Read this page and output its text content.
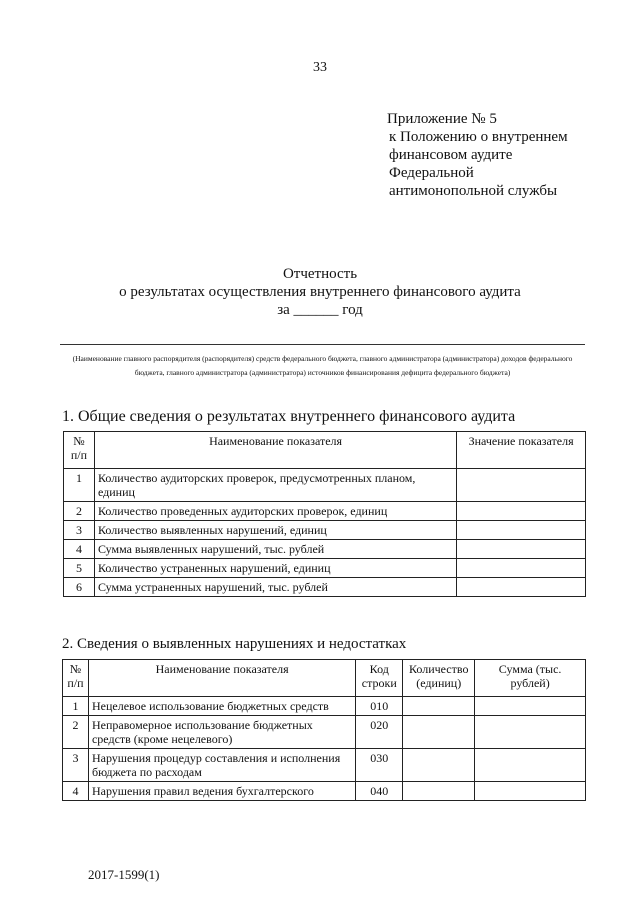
33
Приложение № 5
к Положению о внутреннем
финансовом аудите
Федеральной
антимонопольной службы
Отчетность
о результатах осуществления внутреннего финансового аудита
за ______ год
(Наименование главного распорядителя (распорядителя) средств федерального бюджета, главного администратора (администратора) доходов федерального бюджета, главного администратора (администратора) источников финансирования дефицита федерального бюджета)
1. Общие сведения о результатах внутреннего финансового аудита
№ п/п	Наименование показателя	Значение показателя
1	Количество аудиторских проверок, предусмотренных планом, единиц	
2	Количество проведенных аудиторских проверок, единиц	
3	Количество выявленных нарушений, единиц	
4	Сумма выявленных нарушений, тыс. рублей	
5	Количество устраненных нарушений, единиц	
6	Сумма устраненных нарушений, тыс. рублей	
2. Сведения о выявленных нарушениях и недостатках
№ п/п	Наименование показателя	Код строки	Количество (единиц)	Сумма (тыс. рублей)
1	Нецелевое использование бюджетных средств	010		
2	Неправомерное использование бюджетных средств (кроме нецелевого)	020		
3	Нарушения процедур составления и исполнения бюджета по расходам	030		
4	Нарушения правил ведения бухгалтерского	040		
2017-1599(1)
